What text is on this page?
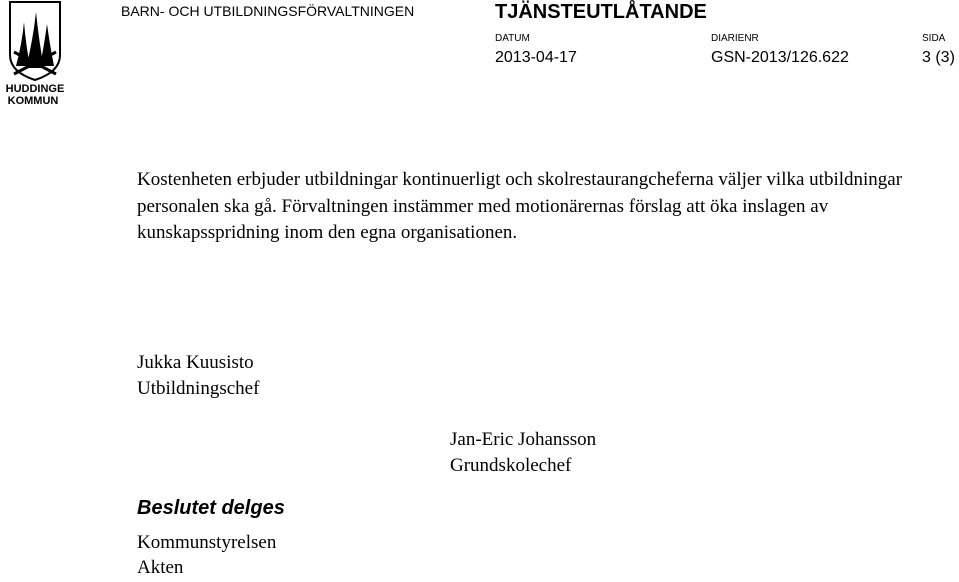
HUDDINGE
KOMMUN
BARN- OCH UTBILDNINGSFÖRVALTNINGEN	TJÄNSTEUTLÅTANDE
DATUM	DIARIENR	SIDA
2013-04-17	GSN-2013/126.622	3 (3)
Kostenheten erbjuder utbildningar kontinuerligt och skolrestaurangcheferna väljer vilka utbildningar personalen ska gå. Förvaltningen instämmer med motionärernas förslag att öka inslagen av kunskapsspridning inom den egna organisationen.
Jukka Kuusisto
Utbildningschef
Jan-Eric Johansson
Grundskolechef
Beslutet delges
Kommunstyrelsen
Akten
